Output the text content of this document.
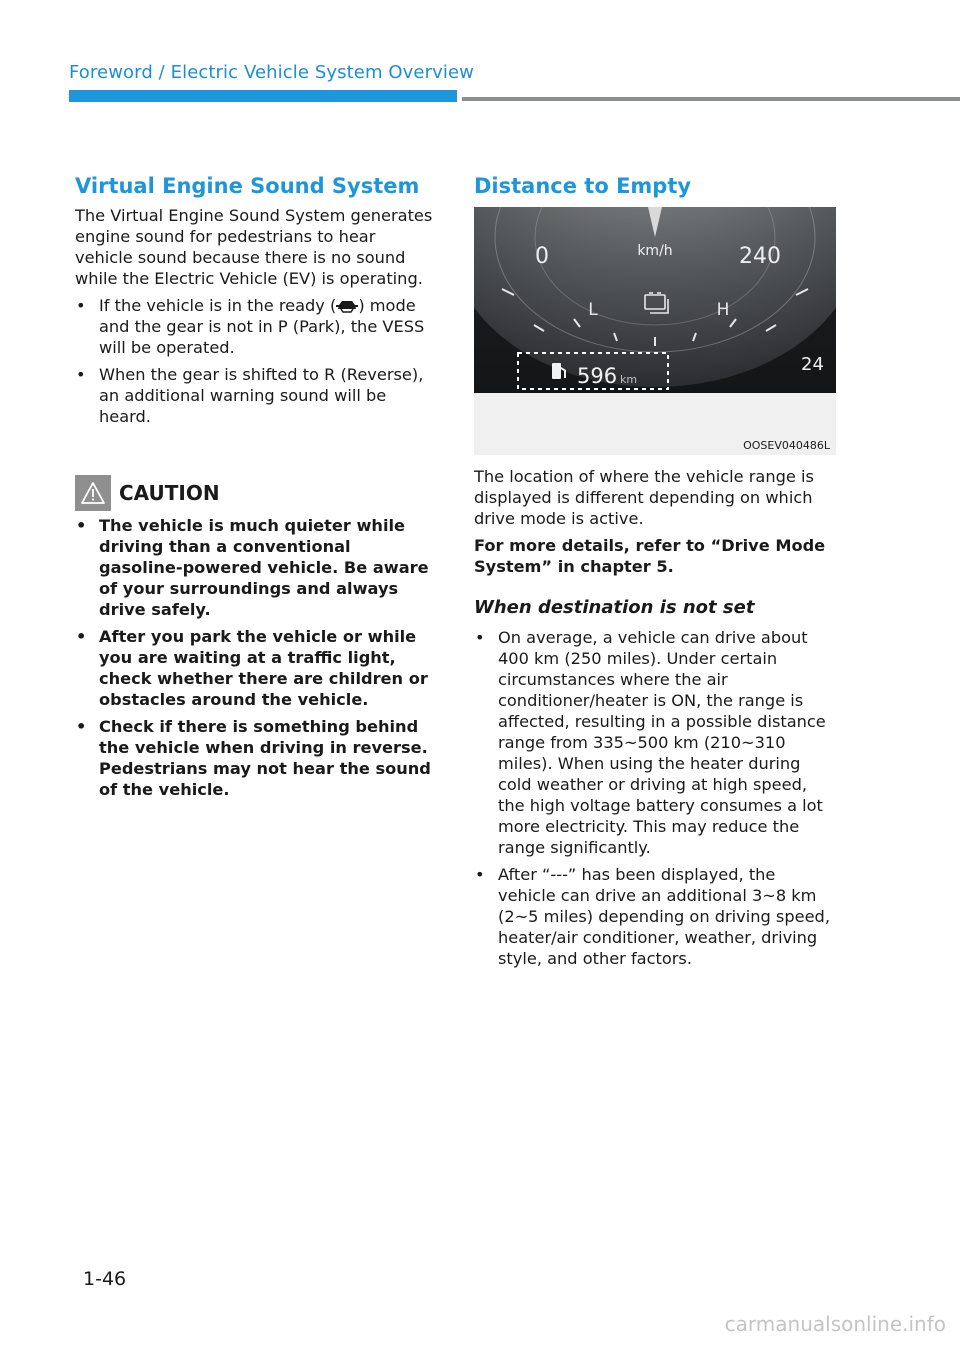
Foreword / Electric Vehicle System Overview
Virtual Engine Sound System

The Virtual Engine Sound System generates engine sound for pedestrians to hear vehicle sound because there is no sound while the Electric Vehicle (EV) is operating.

• If the vehicle is in the ready ( ) mode and the gear is not in P (Park), the VESS will be operated.
• When the gear is shifted to R (Reverse), an additional warning sound will be heard.
CAUTION
• The vehicle is much quieter while driving than a conventional gasoline-powered vehicle. Be aware of your surroundings and always drive safely.
• After you park the vehicle or while you are waiting at a traffic light, check whether there are children or obstacles around the vehicle.
• Check if there is something behind the vehicle when driving in reverse. Pedestrians may not hear the sound of the vehicle.
Distance to Empty
0	km/h	240
L	H
596 km
24
OOSEV040486L

The location of where the vehicle range is displayed is different depending on which drive mode is active.

For more details, refer to “Drive Mode System” in chapter 5.

When destination is not set
• On average, a vehicle can drive about 400 km (250 miles). Under certain circumstances where the air conditioner/heater is ON, the range is affected, resulting in a possible distance range from 335~500 km (210~310 miles). When using the heater during cold weather or driving at high speed, the high voltage battery consumes a lot more electricity. This may reduce the range significantly.
• After “---” has been displayed, the vehicle can drive an additional 3~8 km (2~5 miles) depending on driving speed, heater/air conditioner, weather, driving style, and other factors.
1-46
carmanualsonline.info
